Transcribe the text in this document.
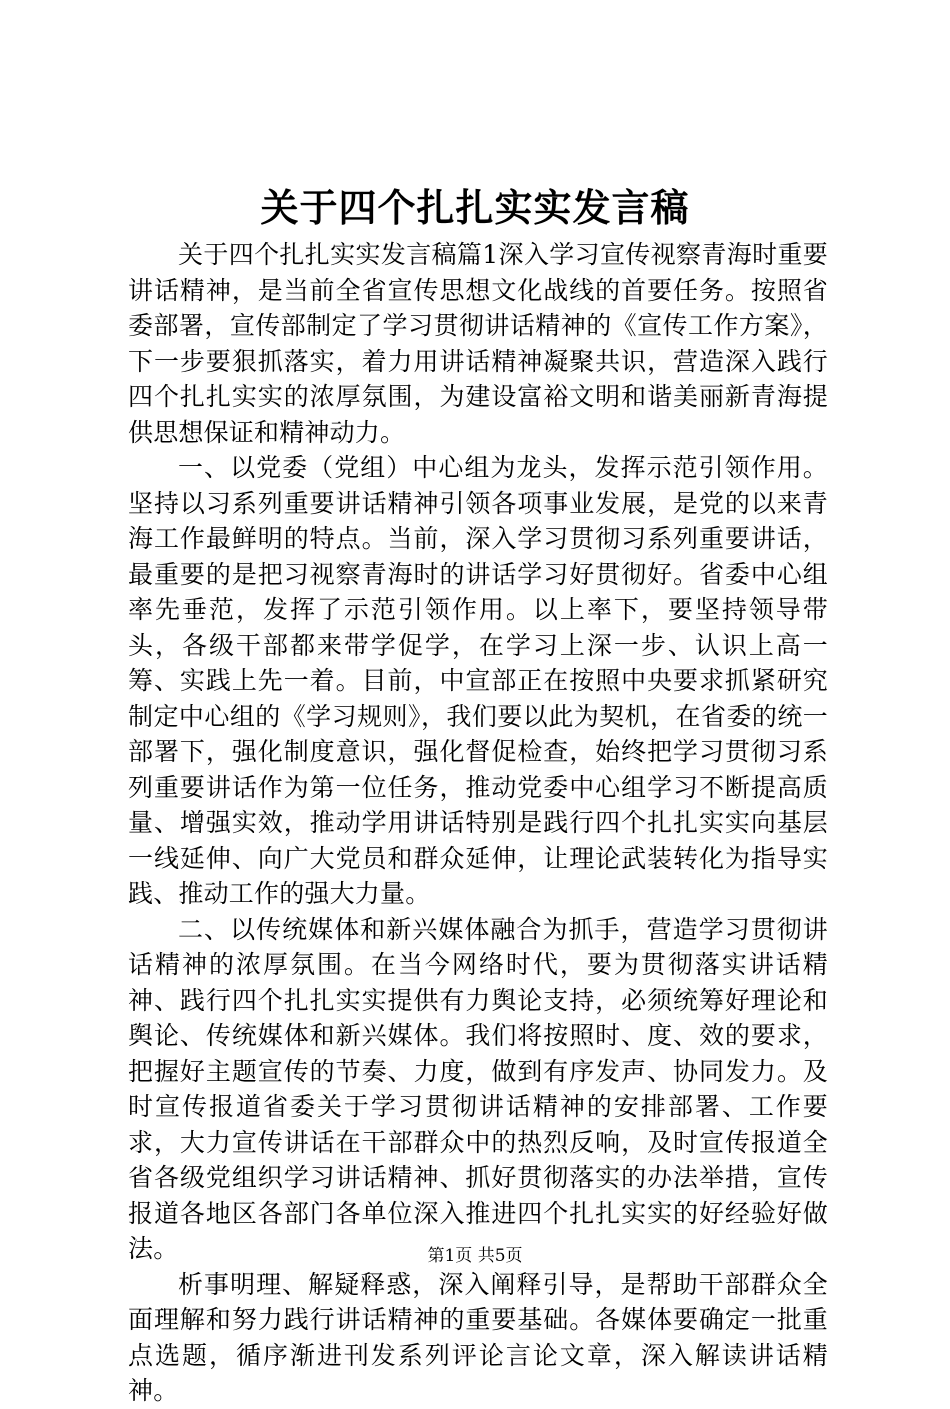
关于四个扎扎实实发言稿

关于四个扎扎实实发言稿篇1深入学习宣传视察青海时重要讲话精神，是当前全省宣传思想文化战线的首要任务。按照省委部署，宣传部制定了学习贯彻讲话精神的《宣传工作方案》，下一步要狠抓落实，着力用讲话精神凝聚共识，营造深入践行四个扎扎实实的浓厚氛围，为建设富裕文明和谐美丽新青海提供思想保证和精神动力。

一、以党委（党组）中心组为龙头，发挥示范引领作用。坚持以习系列重要讲话精神引领各项事业发展，是党的以来青海工作最鲜明的特点。当前，深入学习贯彻习系列重要讲话，最重要的是把习视察青海时的讲话学习好贯彻好。省委中心组率先垂范，发挥了示范引领作用。以上率下，要坚持领导带头，各级干部都来带学促学，在学习上深一步、认识上高一筹、实践上先一着。目前，中宣部正在按照中央要求抓紧研究制定中心组的《学习规则》，我们要以此为契机，在省委的统一部署下，强化制度意识，强化督促检查，始终把学习贯彻习系列重要讲话作为第一位任务，推动党委中心组学习不断提高质量、增强实效，推动学用讲话特别是践行四个扎扎实实向基层一线延伸、向广大党员和群众延伸，让理论武装转化为指导实践、推动工作的强大力量。

二、以传统媒体和新兴媒体融合为抓手，营造学习贯彻讲话精神的浓厚氛围。在当今网络时代，要为贯彻落实讲话精神、践行四个扎扎实实提供有力舆论支持，必须统筹好理论和舆论、传统媒体和新兴媒体。我们将按照时、度、效的要求，把握好主题宣传的节奏、力度，做到有序发声、协同发力。及时宣传报道省委关于学习贯彻讲话精神的安排部署、工作要求，大力宣传讲话在干部群众中的热烈反响，及时宣传报道全省各级党组织学习讲话精神、抓好贯彻落实的办法举措，宣传报道各地区各部门各单位深入推进四个扎扎实实的好经验好做法。

析事明理、解疑释惑，深入阐释引导，是帮助干部群众全面理解和努力践行讲话精神的重要基础。各媒体要确定一批重点选题，循序渐进刊发系列评论言论文章，深入解读讲话精神。

第1页 共5页
